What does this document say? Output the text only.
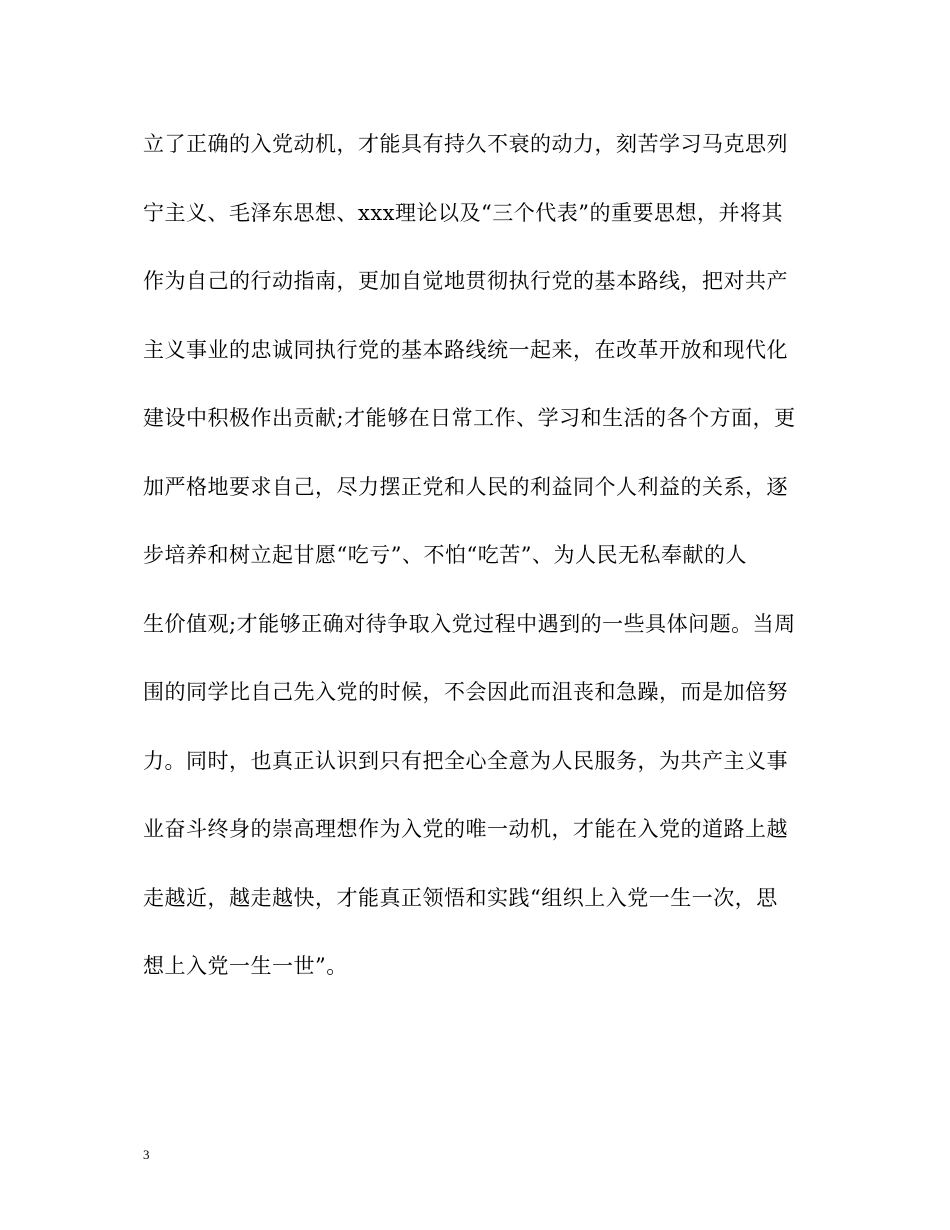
立了正确的入党动机，才能具有持久不衰的动力，刻苦学习马克思列
宁主义、毛泽东思想、xxx理论以及“三个代表”的重要思想，并将其
作为自己的行动指南，更加自觉地贯彻执行党的基本路线，把对共产
主义事业的忠诚同执行党的基本路线统一起来，在改革开放和现代化
建设中积极作出贡献;才能够在日常工作、学习和生活的各个方面，更
加严格地要求自己，尽力摆正党和人民的利益同个人利益的关系，逐
步培养和树立起甘愿“吃亏”、不怕“吃苦”、为人民无私奉献的人
生价值观;才能够正确对待争取入党过程中遇到的一些具体问题。当周
围的同学比自己先入党的时候，不会因此而沮丧和急躁，而是加倍努
力。同时，也真正认识到只有把全心全意为人民服务，为共产主义事
业奋斗终身的崇高理想作为入党的唯一动机，才能在入党的道路上越
走越近，越走越快，才能真正领悟和实践“组织上入党一生一次，思
想上入党一生一世”。
3
